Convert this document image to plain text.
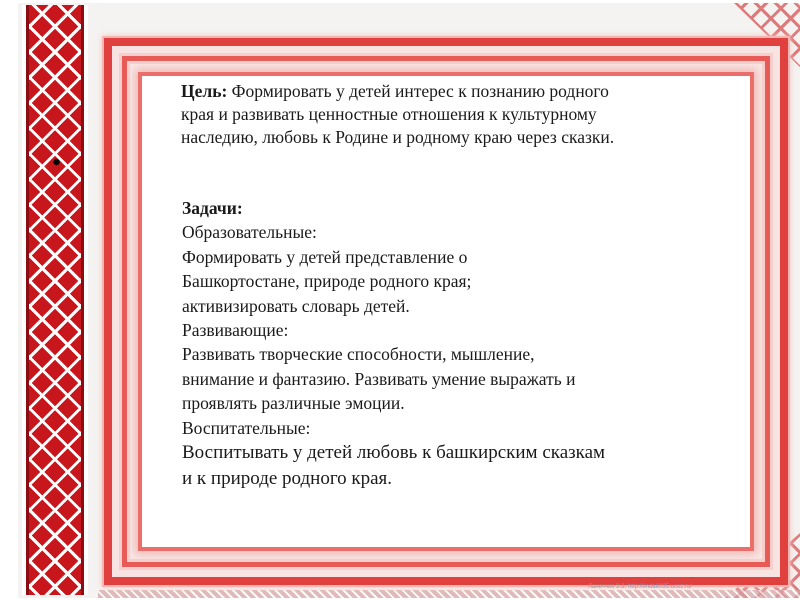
•
Цель: Формировать у детей интерес к познанию родного края и развивать ценностные отношения к культурному наследию, любовь к Родине и родному краю через сказки.

Задачи:

Образовательные:

Формировать у детей представление о

Башкортостане, природе родного края;

активизировать словарь детей.

Развивающие:

Развивать творческие способности, мышление,

внимание и фантазию. Развивать умение выражать и

проявлять различные эмоции.

Воспитательные:

Воспитывать у детей любовь к башкирским сказкам

и к природе родного края.

Ланеччик З.З. http://linda6035.ucoz.ru/
